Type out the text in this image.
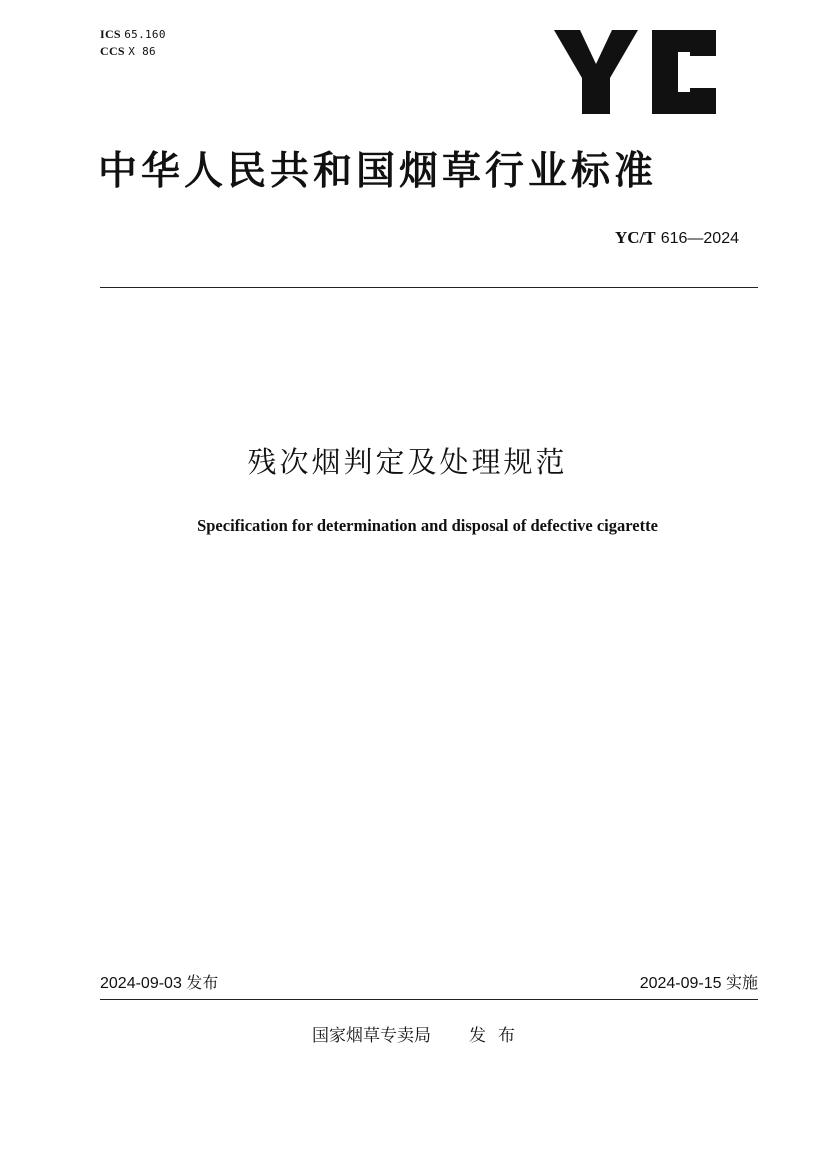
ICS 65.160
CCS X 86
中华人民共和国烟草行业标准
YC/T 616—2024
残次烟判定及处理规范
Specification for determination and disposal of defective cigarette
2024-09-03 发布	2024-09-15 实施
国家烟草专卖局 发布
